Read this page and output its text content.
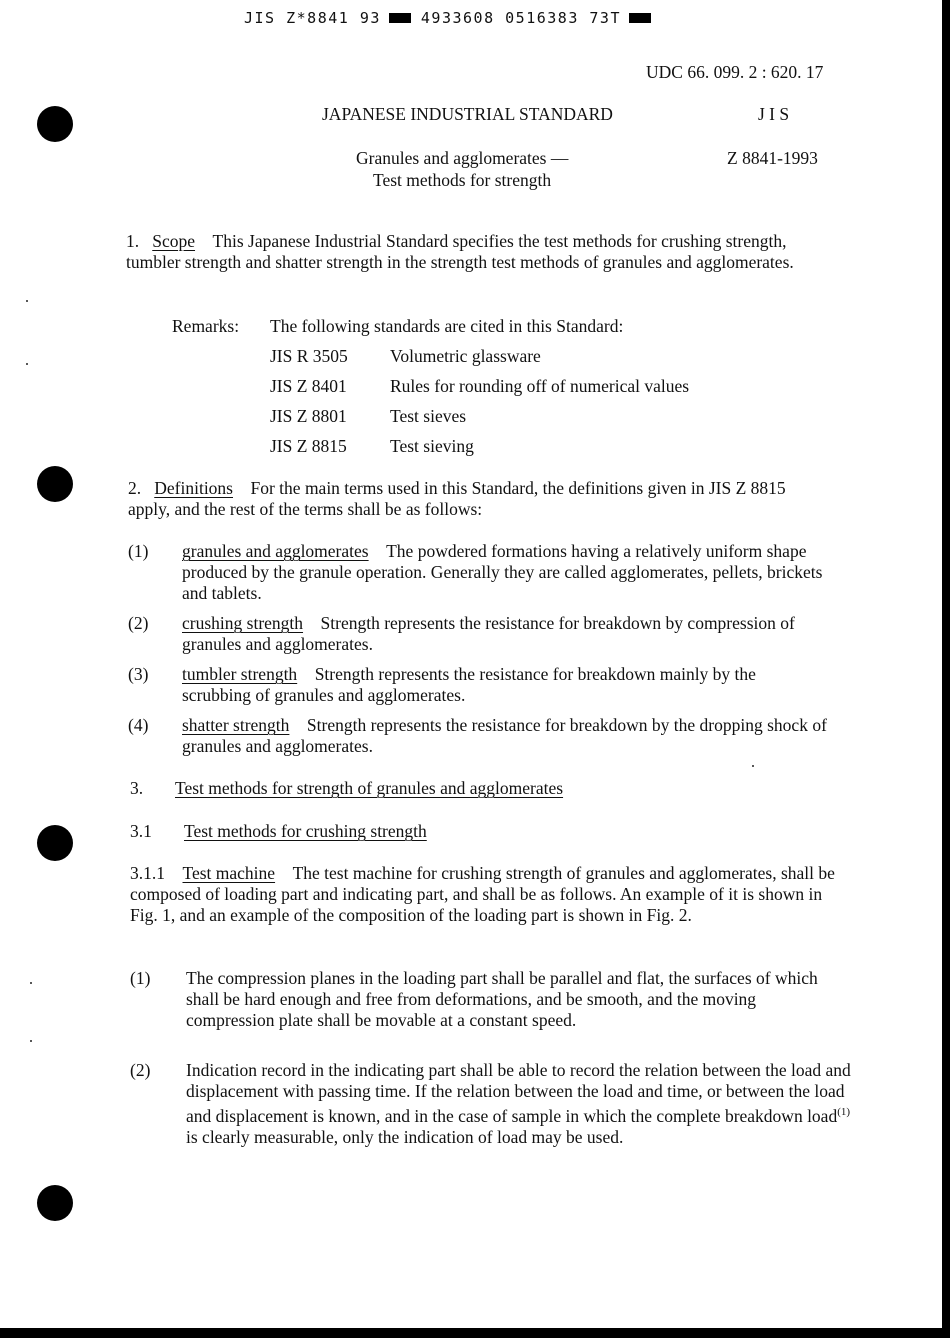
JIS Z*8841 93	4933608 0516383 73T
UDC 66. 099. 2 : 620. 17
JAPANESE INDUSTRIAL STANDARD	J I S
Granules and agglomerates —
Test methods for strength
Z 8841-1993

1. Scope This Japanese Industrial Standard specifies the test methods for crushing strength, tumbler strength and shatter strength in the strength test methods of granules and agglomerates.

Remarks: The following standards are cited in this Standard:
JIS R 3505 Volumetric glassware
JIS Z 8401 Rules for rounding off of numerical values
JIS Z 8801 Test sieves
JIS Z 8815 Test sieving

2. Definitions For the main terms used in this Standard, the definitions given in JIS Z 8815 apply, and the rest of the terms shall be as follows:

(1) granules and agglomerates The powdered formations having a relatively uniform shape produced by the granule operation. Generally they are called agglomerates, pellets, brickets and tablets.

(2) crushing strength Strength represents the resistance for breakdown by compression of granules and agglomerates.

(3) tumbler strength Strength represents the resistance for breakdown mainly by the scrubbing of granules and agglomerates.

(4) shatter strength Strength represents the resistance for breakdown by the dropping shock of granules and agglomerates.

3. Test methods for strength of granules and agglomerates
3.1 Test methods for crushing strength

3.1.1 Test machine The test machine for crushing strength of granules and agglomerates, shall be composed of loading part and indicating part, and shall be as follows. An example of it is shown in Fig. 1, and an example of the composition of the loading part is shown in Fig. 2.

(1) The compression planes in the loading part shall be parallel and flat, the surfaces of which shall be hard enough and free from deformations, and be smooth, and the moving compression plate shall be movable at a constant speed.

(2) Indication record in the indicating part shall be able to record the relation between the load and displacement with passing time. If the relation between the load and time, or between the load and displacement is known, and in the case of sample in which the complete breakdown load$^{(1)}$ is clearly measurable, only the indication of load may be used.
